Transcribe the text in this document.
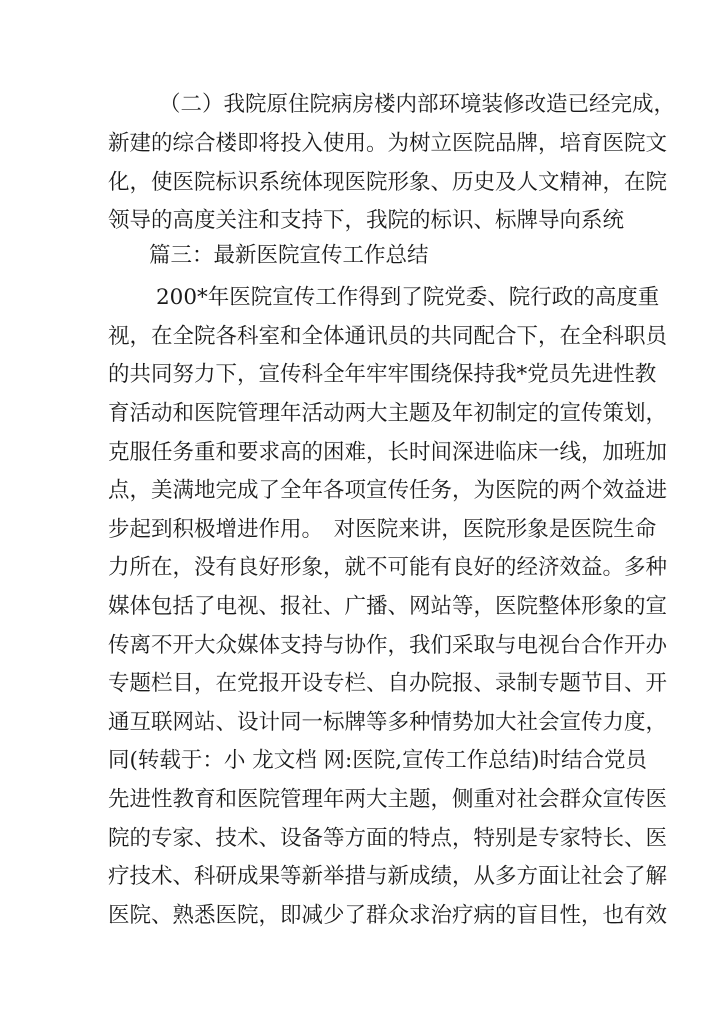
（二）我院原住院病房楼内部环境装修改造已经完成，
新建的综合楼即将投入使用。为树立医院品牌，培育医院文
化，使医院标识系统体现医院形象、历史及人文精神，在院
领导的高度关注和支持下，我院的标识、标牌导向系统
篇三：最新医院宣传工作总结
200*年医院宣传工作得到了院党委、院行政的高度重
视，在全院各科室和全体通讯员的共同配合下，在全科职员
的共同努力下，宣传科全年牢牢围绕保持我*党员先进性教
育活动和医院管理年活动两大主题及年初制定的宣传策划，
克服任务重和要求高的困难，长时间深进临床一线，加班加
点，美满地完成了全年各项宣传任务，为医院的两个效益进
步起到积极增进作用。　对医院来讲，医院形象是医院生命
力所在，没有良好形象，就不可能有良好的经济效益。多种
媒体包括了电视、报社、广播、网站等，医院整体形象的宣
传离不开大众媒体支持与协作，我们采取与电视台合作开办
专题栏目，在党报开设专栏、自办院报、录制专题节目、开
通互联网站、设计同一标牌等多种情势加大社会宣传力度，
同(转载于：小 龙文档 网:医院,宣传工作总结)时结合党员
先进性教育和医院管理年两大主题，侧重对社会群众宣传医
院的专家、技术、设备等方面的特点，特别是专家特长、医
疗技术、科研成果等新举措与新成绩，从多方面让社会了解
医院、熟悉医院，即减少了群众求治疗病的盲目性，也有效
